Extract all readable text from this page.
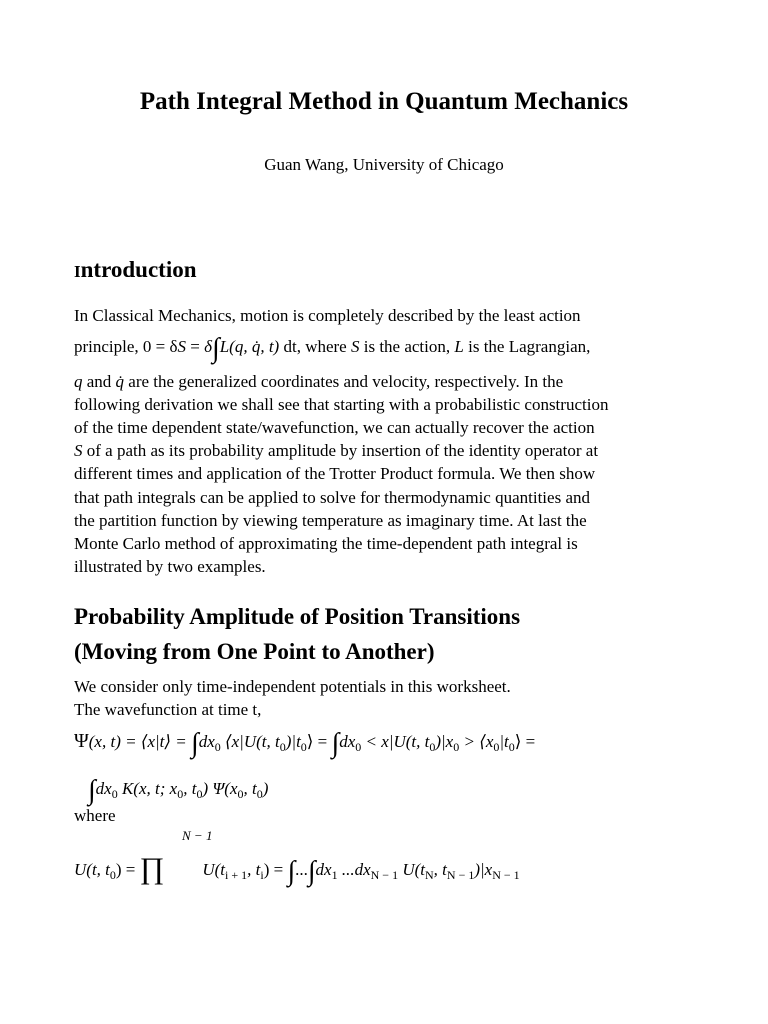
Path Integral Method in Quantum Mechanics
Guan Wang, University of Chicago
Introduction
In Classical Mechanics, motion is completely described by the least action
principle, 0 = δS = δ∫L(q, q̇, t) dt, where S is the action, L is the Lagrangian,
q and q̇ are the generalized coordinates and velocity, respectively. In the
following derivation we shall see that starting with a probabilistic construction
of the time dependent state/wavefunction, we can actually recover the action
S of a path as its probability amplitude by insertion of the identity operator at
different times and application of the Trotter Product formula. We then show
that path integrals can be applied to solve for thermodynamic quantities and
the partition function by viewing temperature as imaginary time. At last the
Monte Carlo method of approximating the time-dependent path integral is
illustrated by two examples.
Probability Amplitude of Position Transitions
(Moving from One Point to Another)
We consider only time-independent potentials in this worksheet.
The wavefunction at time t,
Ψ(x, t) = ⟨x|t⟩ = $\int dx_0$ ⟨x|U(t, $t_0)|t_0⟩ = \int dx_0 < x|U(t$, $t_0)|x_0$ > $⟨x_0|t_0⟩$ =
$\int dx_0$ K(x, t; $x_0$, $t_0$) $\Psi(x_0$, $t_0$)
where
N − 1
U(t, $t_0$) = ∏ $U(t_{i + 1}$, $t_i) = \int...\int dx_1$ $...dx_{N - 1}$ $U(t_N$, $t_{N - 1})|x_{N - 1}$
